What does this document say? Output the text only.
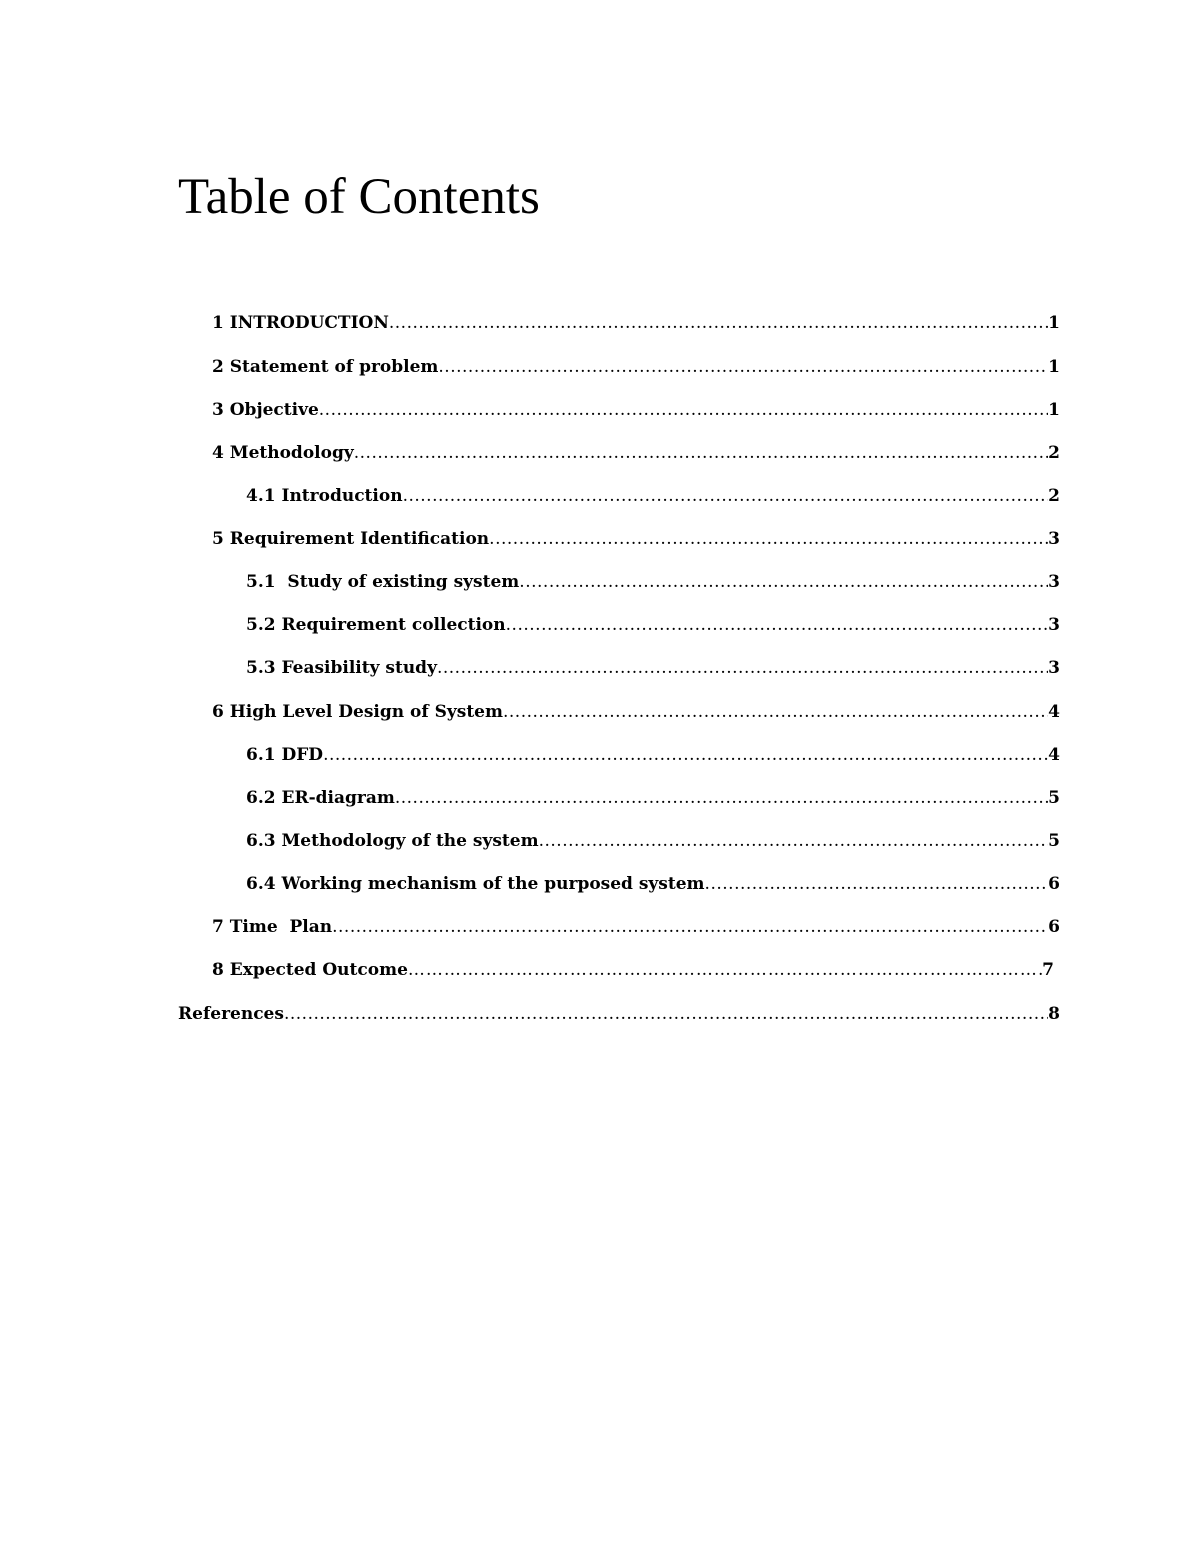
Table of Contents
1 INTRODUCTION .....	1
2 Statement of problem .....	1
3 Objective .....	1
4 Methodology .....	2
4.1 Introduction .....	2
5 Requirement Identification .....	3
5.1  Study of existing system .....	3
5.2 Requirement collection .....	3
5.3 Feasibility study .....	3
6 High Level Design of System .....	4
6.1 DFD .....	4
6.2 ER-diagram .....	5
6.3 Methodology of the system .....	5
6.4 Working mechanism of the purposed system .....	6
7 Time  Plan .....	6
8 Expected Outcome ……………………………………………………………………………………………………………………………………	7
References .....	8
